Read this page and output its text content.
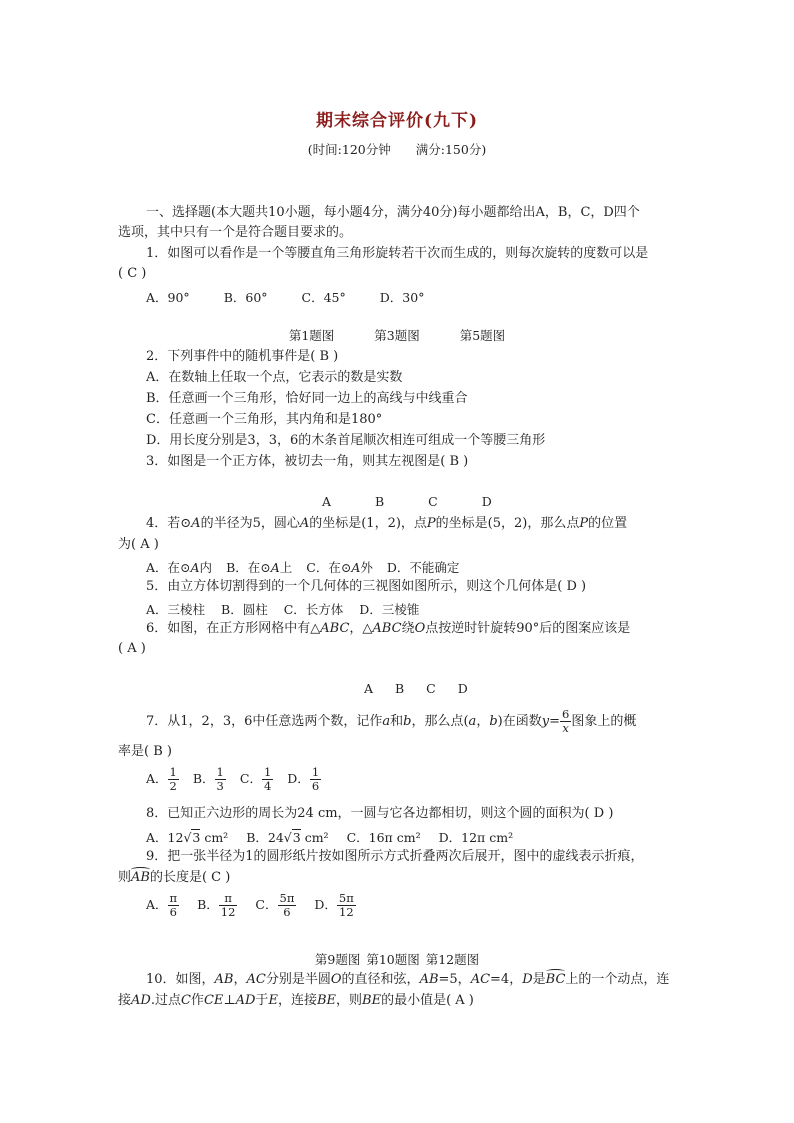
期末综合评价(九下)
(时间:120分钟　　满分:150分)
一、选择题(本大题共10小题，每小题4分，满分40分)每小题都给出A，B，C，D四个
选项，其中只有一个是符合题目要求的。
1．如图可以看作是一个等腰直角三角形旋转若干次而生成的，则每次旋转的度数可以是
( C )
A．90°	B．60°	C．45°	D．30°
第1题图 第3题图 第5题图
2．下列事件中的随机事件是( B )
A．在数轴上任取一个点，它表示的数是实数
B．任意画一个三角形，恰好同一边上的高线与中线重合
C．任意画一个三角形，其内角和是180°
D．用长度分别是3，3，6的木条首尾顺次相连可组成一个等腰三角形
3．如图是一个正方体，被切去一角，则其左视图是( B )
A B C D
4．若⊙A的半径为5，圆心A的坐标是(1，2)，点P的坐标是(5，2)，那么点P的位置
为( A )
A．在⊙A内 B．在⊙A上 C．在⊙A外 D．不能确定
5．由立方体切割得到的一个几何体的三视图如图所示，则这个几何体是( D )
A．三棱柱 B．圆柱 C．长方体 D．三棱锥
6．如图，在正方形网格中有△ABC，△ABC绕O点按逆时针旋转90°后的图案应该是
( A )
A B C D
7．从1，2，3，6中任意选两个数，记作a和b，那么点(a，b)在函数$y= \frac{6}{x}$ 图象上的概
率是( B )
A． $\frac{1}{2}$ B． $\frac{1}{3}$ C． $\frac{1}{4}$ D． $\frac{1}{6}$
8．已知正六边形的周长为24 cm，一圆与它各边都相切，则这个圆的面积为( D )
A．12√3 cm² B．24√3 cm² C．16π cm² D．12π cm²
9．把一张半径为1的圆形纸片按如图所示方式折叠两次后展开，图中的虚线表示折痕，
则AB的长度是( C )
A． $\frac{\pi}{6}$ B． $\frac{\pi}{12}$ C． $\frac{5\pi}{6}$ D． $\frac{5\pi}{12}$
第9题图 第10题图 第12题图
10．如图，AB，AC分别是半圆O的直径和弦，AB=5，AC=4，D是BC上的一个动点，连
接AD.过点C作CE⊥AD于E，连接BE，则BE的最小值是( A )
